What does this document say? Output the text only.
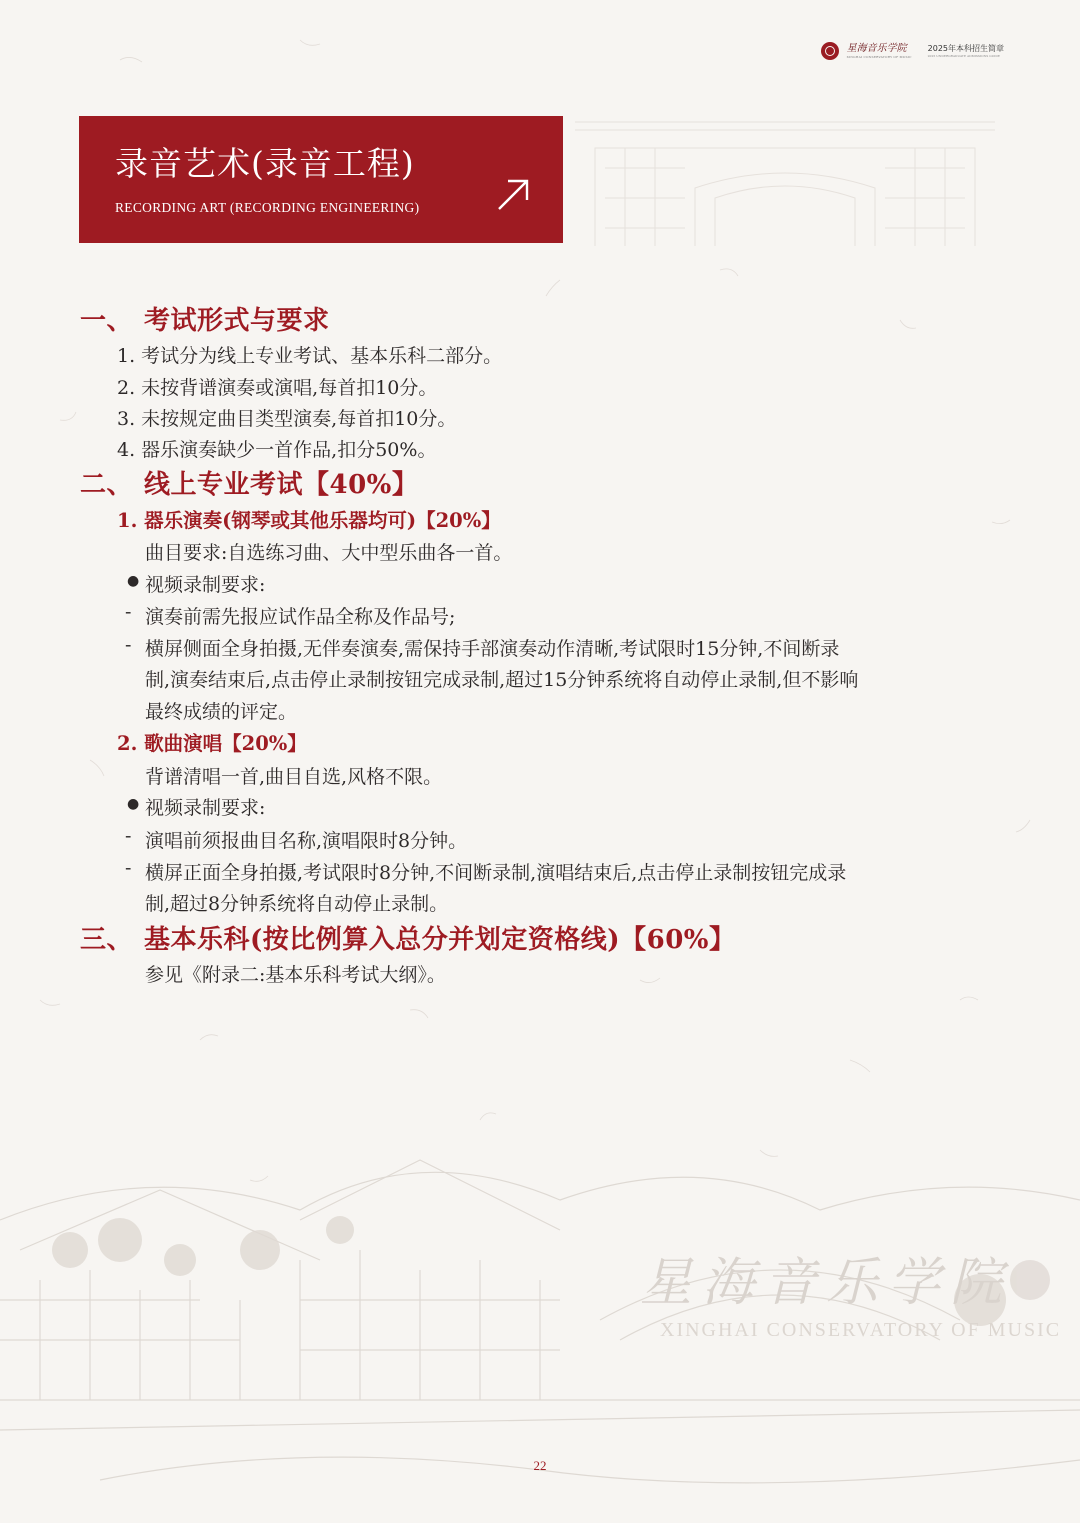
星海音乐学院
XINGHAI CONSERVATORY OF MUSIC
星海音乐学院
XINGHAI CONSERVATORY OF MUSIC
2025年本科招生简章
2025 UNDERGRADUATE ADMISSIONS GUIDE
录音艺术(录音工程)
RECORDING ART (RECORDING ENGINEERING)
一、 考试形式与要求
1. 考试分为线上专业考试、基本乐科二部分。
2. 未按背谱演奏或演唱,每首扣10分。
3. 未按规定曲目类型演奏,每首扣10分。
4. 器乐演奏缺少一首作品,扣分50%。
二、 线上专业考试【40%】
1. 器乐演奏(钢琴或其他乐器均可)【20%】
曲目要求:自选练习曲、大中型乐曲各一首。
● 视频录制要求:
- 演奏前需先报应试作品全称及作品号;
- 横屏侧面全身拍摄,无伴奏演奏,需保持手部演奏动作清晰,考试限时15分钟,不间断录
制,演奏结束后,点击停止录制按钮完成录制,超过15分钟系统将自动停止录制,但不影响
最终成绩的评定。
2. 歌曲演唱【20%】
背谱清唱一首,曲目自选,风格不限。
● 视频录制要求:
- 演唱前须报曲目名称,演唱限时8分钟。
- 横屏正面全身拍摄,考试限时8分钟,不间断录制,演唱结束后,点击停止录制按钮完成录
制,超过8分钟系统将自动停止录制。
三、 基本乐科(按比例算入总分并划定资格线)【60%】
参见《附录二:基本乐科考试大纲》。
22
